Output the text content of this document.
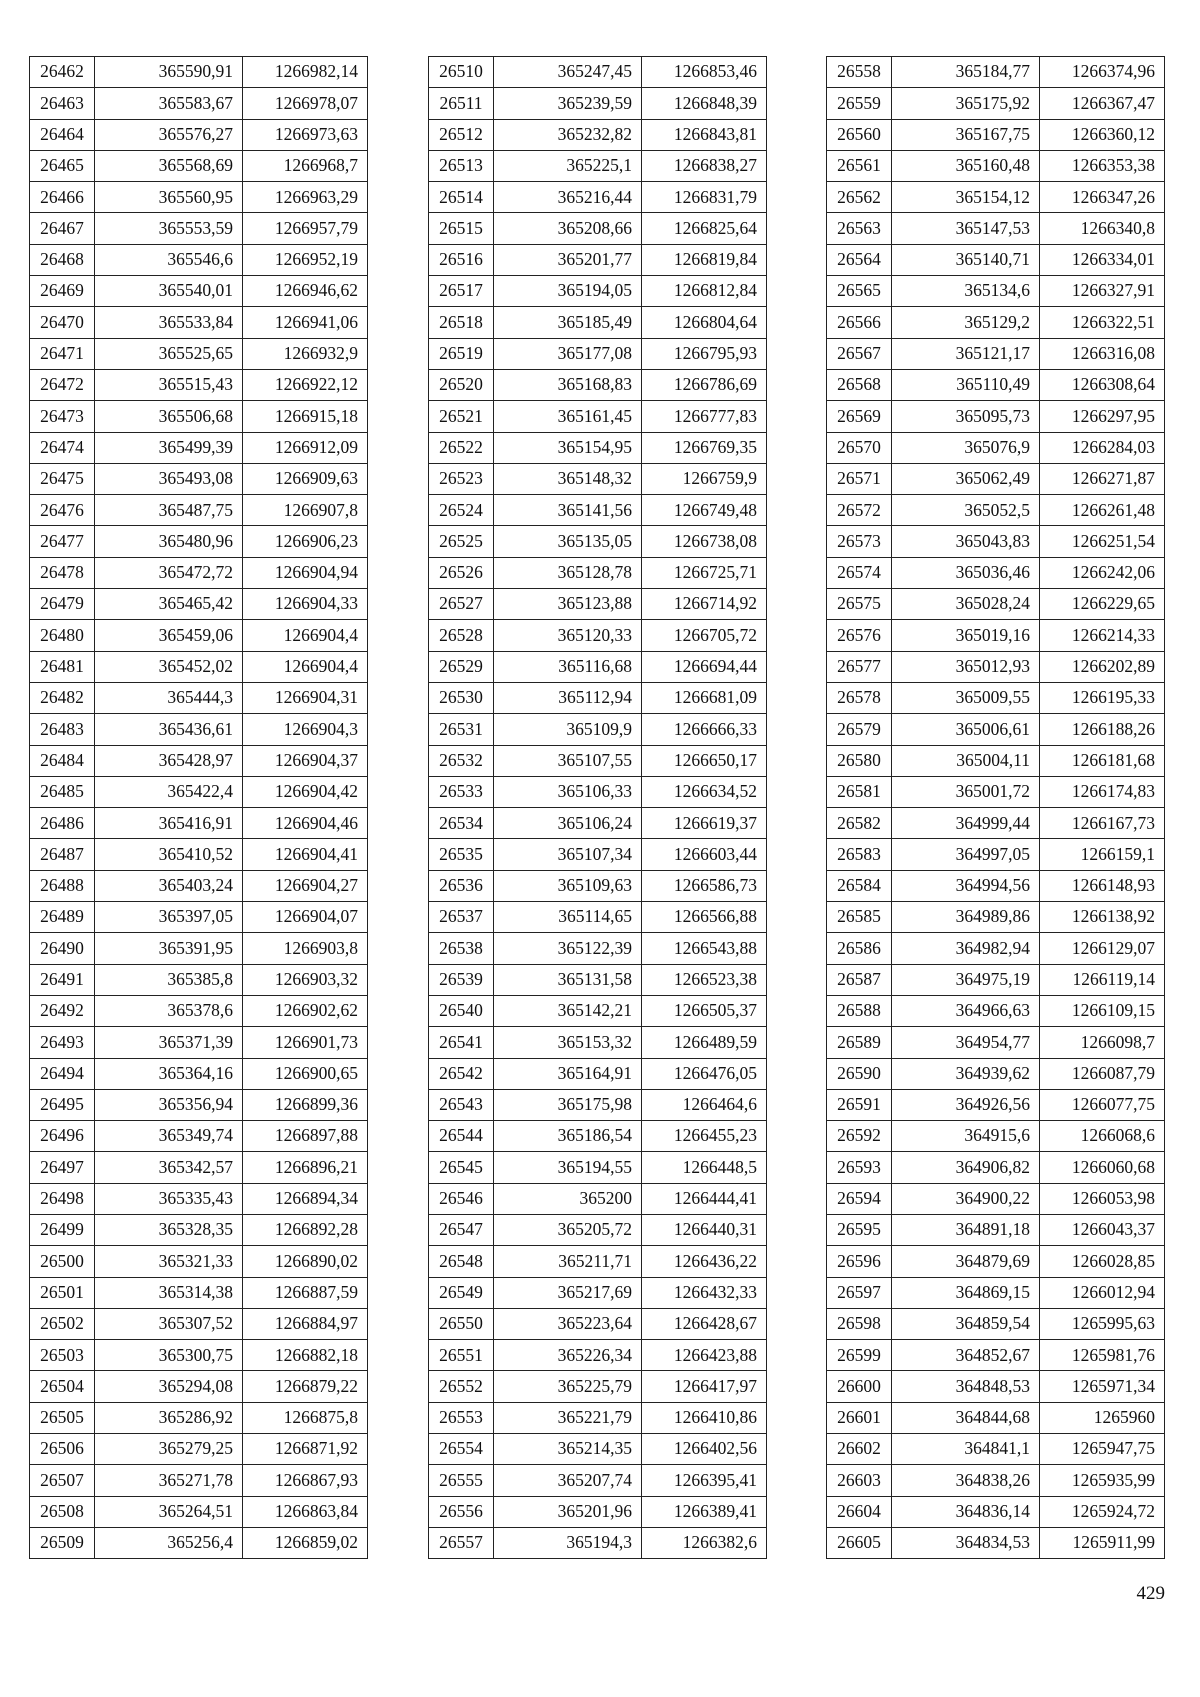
26462	365590,91	1266982,14
26463	365583,67	1266978,07
26464	365576,27	1266973,63
26465	365568,69	1266968,7
26466	365560,95	1266963,29
26467	365553,59	1266957,79
26468	365546,6	1266952,19
26469	365540,01	1266946,62
26470	365533,84	1266941,06
26471	365525,65	1266932,9
26472	365515,43	1266922,12
26473	365506,68	1266915,18
26474	365499,39	1266912,09
26475	365493,08	1266909,63
26476	365487,75	1266907,8
26477	365480,96	1266906,23
26478	365472,72	1266904,94
26479	365465,42	1266904,33
26480	365459,06	1266904,4
26481	365452,02	1266904,4
26482	365444,3	1266904,31
26483	365436,61	1266904,3
26484	365428,97	1266904,37
26485	365422,4	1266904,42
26486	365416,91	1266904,46
26487	365410,52	1266904,41
26488	365403,24	1266904,27
26489	365397,05	1266904,07
26490	365391,95	1266903,8
26491	365385,8	1266903,32
26492	365378,6	1266902,62
26493	365371,39	1266901,73
26494	365364,16	1266900,65
26495	365356,94	1266899,36
26496	365349,74	1266897,88
26497	365342,57	1266896,21
26498	365335,43	1266894,34
26499	365328,35	1266892,28
26500	365321,33	1266890,02
26501	365314,38	1266887,59
26502	365307,52	1266884,97
26503	365300,75	1266882,18
26504	365294,08	1266879,22
26505	365286,92	1266875,8
26506	365279,25	1266871,92
26507	365271,78	1266867,93
26508	365264,51	1266863,84
26509	365256,4	1266859,02
26510	365247,45	1266853,46
26511	365239,59	1266848,39
26512	365232,82	1266843,81
26513	365225,1	1266838,27
26514	365216,44	1266831,79
26515	365208,66	1266825,64
26516	365201,77	1266819,84
26517	365194,05	1266812,84
26518	365185,49	1266804,64
26519	365177,08	1266795,93
26520	365168,83	1266786,69
26521	365161,45	1266777,83
26522	365154,95	1266769,35
26523	365148,32	1266759,9
26524	365141,56	1266749,48
26525	365135,05	1266738,08
26526	365128,78	1266725,71
26527	365123,88	1266714,92
26528	365120,33	1266705,72
26529	365116,68	1266694,44
26530	365112,94	1266681,09
26531	365109,9	1266666,33
26532	365107,55	1266650,17
26533	365106,33	1266634,52
26534	365106,24	1266619,37
26535	365107,34	1266603,44
26536	365109,63	1266586,73
26537	365114,65	1266566,88
26538	365122,39	1266543,88
26539	365131,58	1266523,38
26540	365142,21	1266505,37
26541	365153,32	1266489,59
26542	365164,91	1266476,05
26543	365175,98	1266464,6
26544	365186,54	1266455,23
26545	365194,55	1266448,5
26546	365200	1266444,41
26547	365205,72	1266440,31
26548	365211,71	1266436,22
26549	365217,69	1266432,33
26550	365223,64	1266428,67
26551	365226,34	1266423,88
26552	365225,79	1266417,97
26553	365221,79	1266410,86
26554	365214,35	1266402,56
26555	365207,74	1266395,41
26556	365201,96	1266389,41
26557	365194,3	1266382,6
26558	365184,77	1266374,96
26559	365175,92	1266367,47
26560	365167,75	1266360,12
26561	365160,48	1266353,38
26562	365154,12	1266347,26
26563	365147,53	1266340,8
26564	365140,71	1266334,01
26565	365134,6	1266327,91
26566	365129,2	1266322,51
26567	365121,17	1266316,08
26568	365110,49	1266308,64
26569	365095,73	1266297,95
26570	365076,9	1266284,03
26571	365062,49	1266271,87
26572	365052,5	1266261,48
26573	365043,83	1266251,54
26574	365036,46	1266242,06
26575	365028,24	1266229,65
26576	365019,16	1266214,33
26577	365012,93	1266202,89
26578	365009,55	1266195,33
26579	365006,61	1266188,26
26580	365004,11	1266181,68
26581	365001,72	1266174,83
26582	364999,44	1266167,73
26583	364997,05	1266159,1
26584	364994,56	1266148,93
26585	364989,86	1266138,92
26586	364982,94	1266129,07
26587	364975,19	1266119,14
26588	364966,63	1266109,15
26589	364954,77	1266098,7
26590	364939,62	1266087,79
26591	364926,56	1266077,75
26592	364915,6	1266068,6
26593	364906,82	1266060,68
26594	364900,22	1266053,98
26595	364891,18	1266043,37
26596	364879,69	1266028,85
26597	364869,15	1266012,94
26598	364859,54	1265995,63
26599	364852,67	1265981,76
26600	364848,53	1265971,34
26601	364844,68	1265960
26602	364841,1	1265947,75
26603	364838,26	1265935,99
26604	364836,14	1265924,72
26605	364834,53	1265911,99
429
